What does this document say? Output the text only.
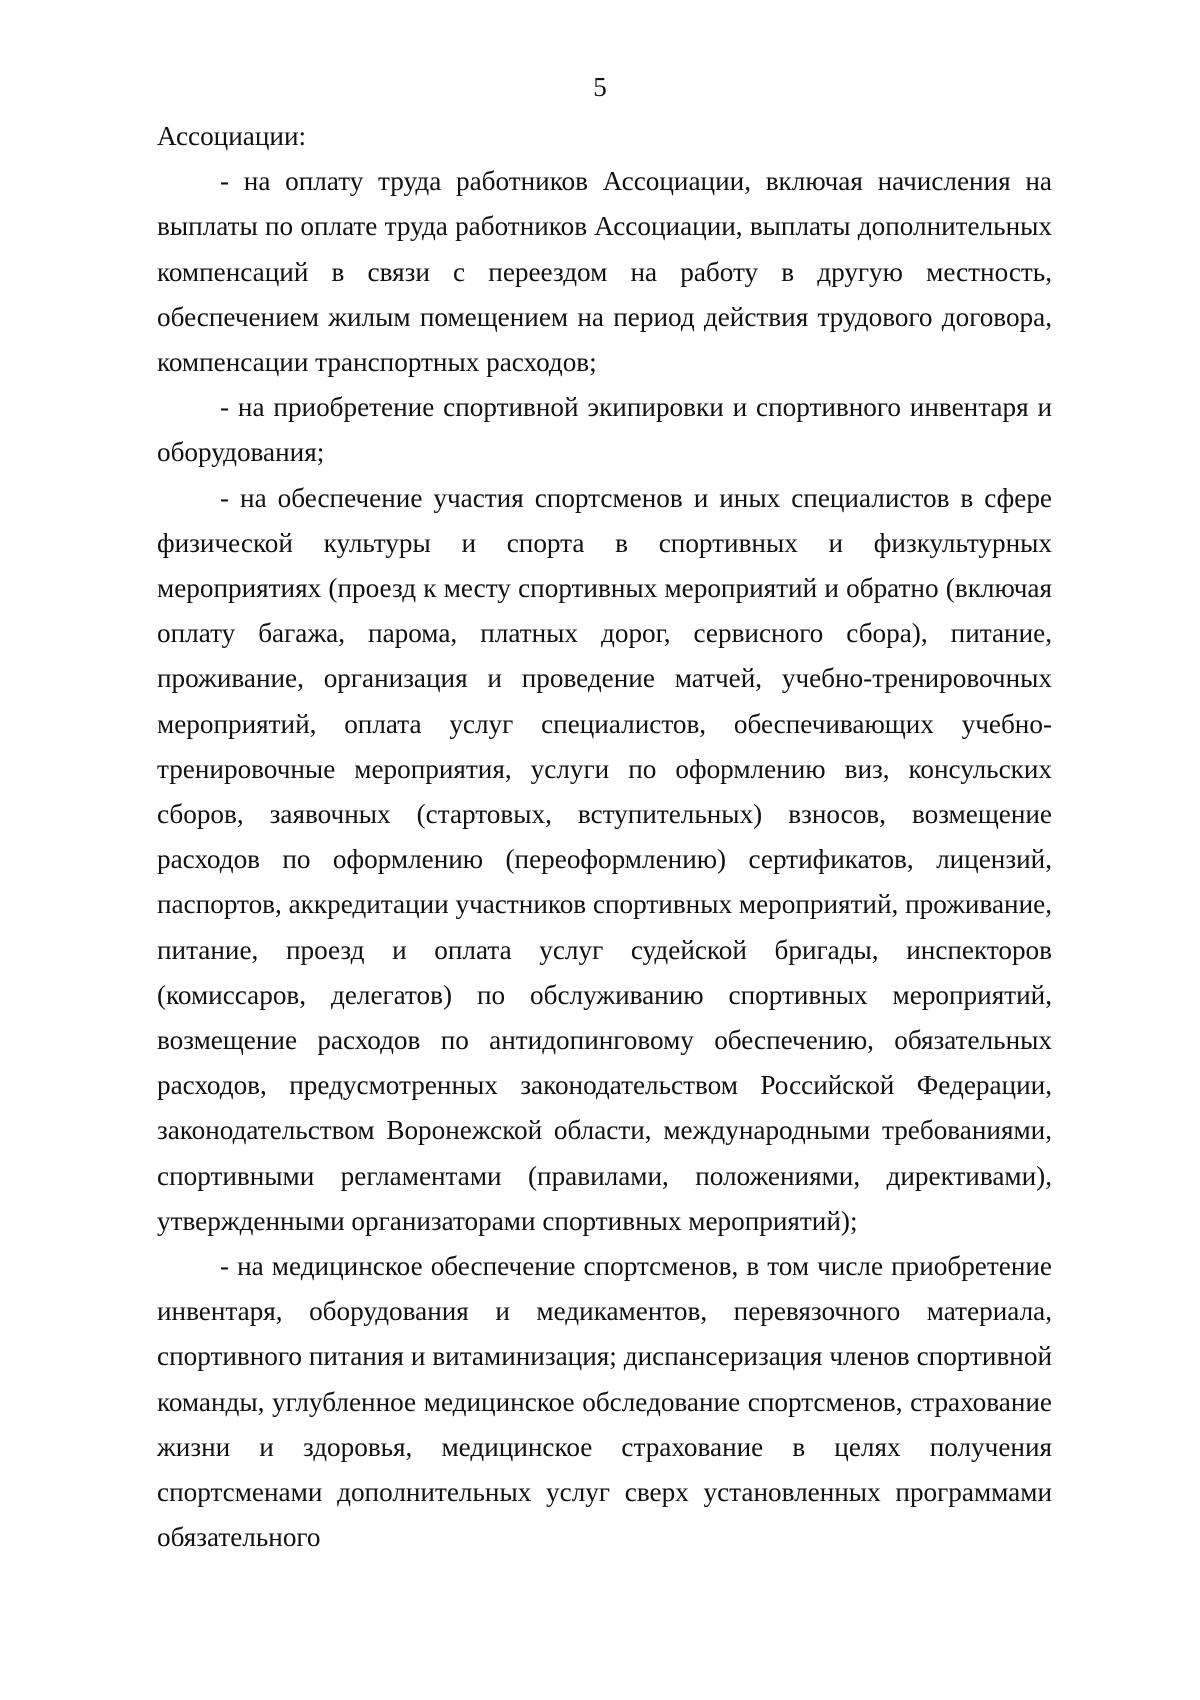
5

Ассоциации:

- на оплату труда работников Ассоциации, включая начисления на выплаты по оплате труда работников Ассоциации, выплаты дополнительных компенсаций в связи с переездом на работу в другую местность, обеспечением жилым помещением на период действия трудового договора, компенсации транспортных расходов;

- на приобретение спортивной экипировки и спортивного инвентаря и оборудования;

- на обеспечение участия спортсменов и иных специалистов в сфере физической культуры и спорта в спортивных и физкультурных мероприятиях (проезд к месту спортивных мероприятий и обратно (включая оплату багажа, парома, платных дорог, сервисного сбора), питание, проживание, организация и проведение матчей, учебно-тренировочных мероприятий, оплата услуг специалистов, обеспечивающих учебно-тренировочные мероприятия, услуги по оформлению виз, консульских сборов, заявочных (стартовых, вступительных) взносов, возмещение расходов по оформлению (переоформлению) сертификатов, лицензий, паспортов, аккредитации участников спортивных мероприятий, проживание, питание, проезд и оплата услуг судейской бригады, инспекторов (комиссаров, делегатов) по обслуживанию спортивных мероприятий, возмещение расходов по антидопинговому обеспечению, обязательных расходов, предусмотренных законодательством Российской Федерации, законодательством Воронежской области, международными требованиями, спортивными регламентами (правилами, положениями, директивами), утвержденными организаторами спортивных мероприятий);

- на медицинское обеспечение спортсменов, в том числе приобретение инвентаря, оборудования и медикаментов, перевязочного материала, спортивного питания и витаминизация; диспансеризация членов спортивной команды, углубленное медицинское обследование спортсменов, страхование жизни и здоровья, медицинское страхование в целях получения спортсменами дополнительных услуг сверх установленных программами обязательного
